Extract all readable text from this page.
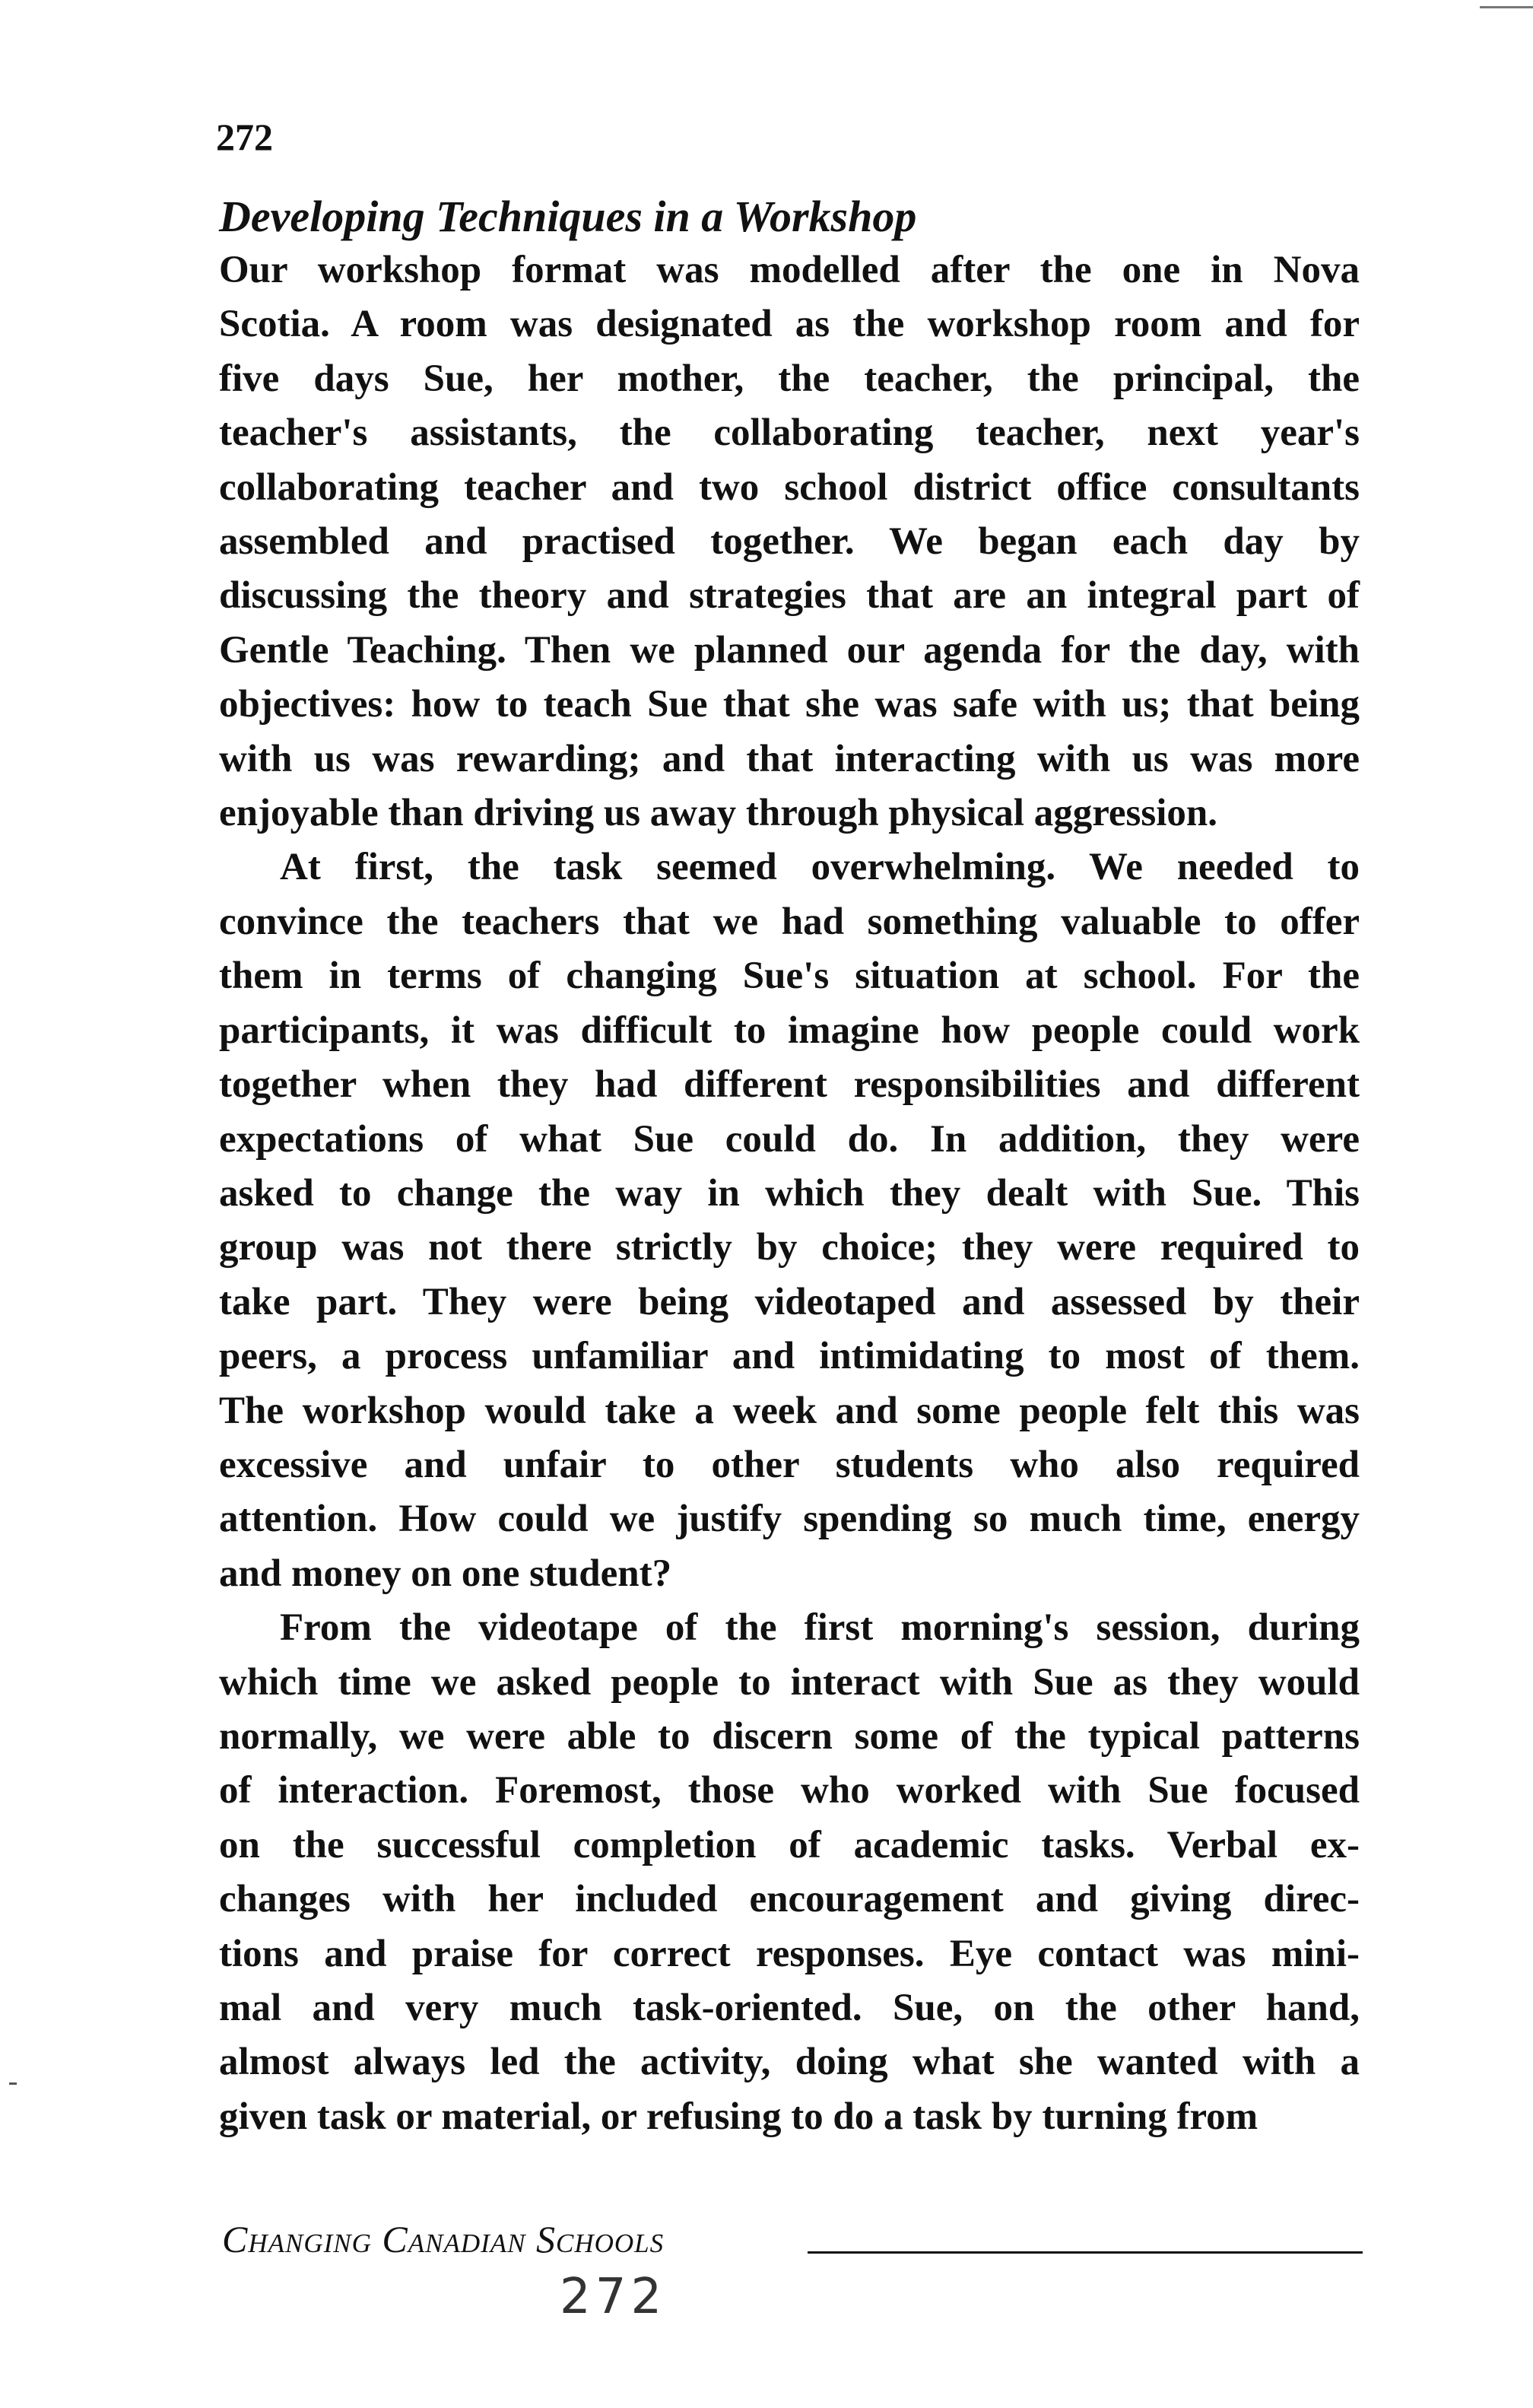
272
Developing Techniques in a Workshop

Our workshop format was modelled after the one in Nova
Scotia. A room was designated as the workshop room and for
five days Sue, her mother, the teacher, the principal, the
teacher's assistants, the collaborating teacher, next year's
collaborating teacher and two school district office consultants
assembled and practised together. We began each day by
discussing the theory and strategies that are an integral part of
Gentle Teaching. Then we planned our agenda for the day, with
objectives: how to teach Sue that she was safe with us; that being
with us was rewarding; and that interacting with us was more
enjoyable than driving us away through physical aggression.

At first, the task seemed overwhelming. We needed to
convince the teachers that we had something valuable to offer
them in terms of changing Sue's situation at school. For the
participants, it was difficult to imagine how people could work
together when they had different responsibilities and different
expectations of what Sue could do. In addition, they were
asked to change the way in which they dealt with Sue. This
group was not there strictly by choice; they were required to
take part. They were being videotaped and assessed by their
peers, a process unfamiliar and intimidating to most of them.
The workshop would take a week and some people felt this was
excessive and unfair to other students who also required
attention. How could we justify spending so much time, energy
and money on one student?

From the videotape of the first morning's session, during
which time we asked people to interact with Sue as they would
normally, we were able to discern some of the typical patterns
of interaction. Foremost, those who worked with Sue focused
on the successful completion of academic tasks. Verbal ex-
changes with her included encouragement and giving direc-
tions and praise for correct responses. Eye contact was mini-
mal and very much task-oriented. Sue, on the other hand,
almost always led the activity, doing what she wanted with a
given task or material, or refusing to do a task by turning from

Changing Canadian Schools
272
